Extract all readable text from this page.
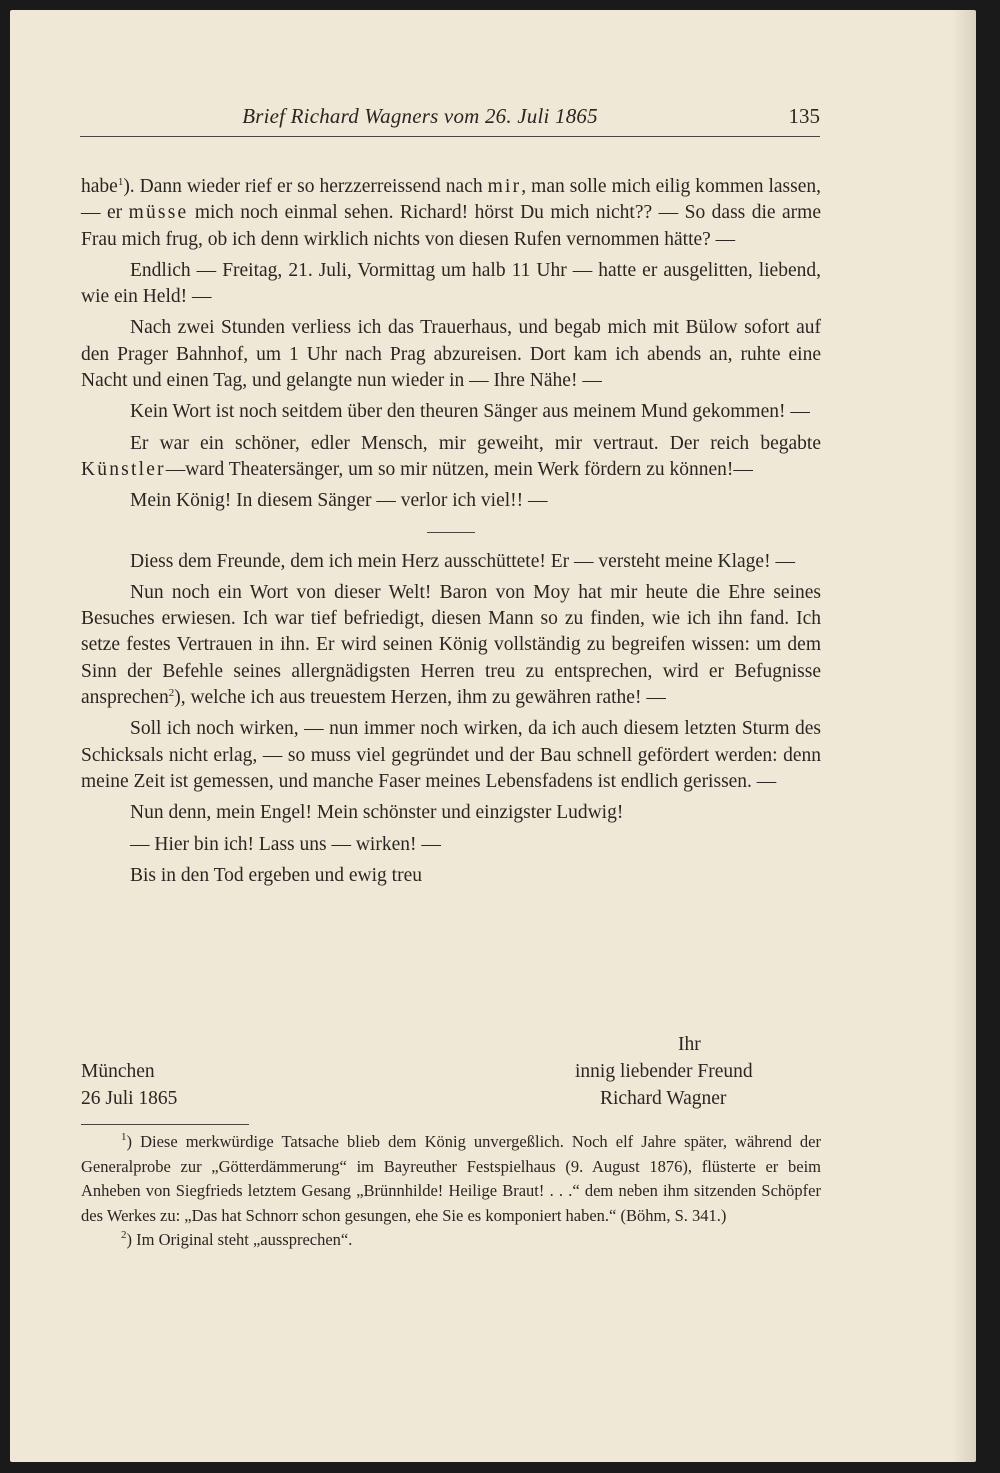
Brief Richard Wagners vom 26. Juli 1865	135

habe$^1$). Dann wieder rief er so herzzerreissend nach mir, man solle mich eilig kommen lassen, — er müsse mich noch einmal sehen. Richard! hörst Du mich nicht?? — So dass die arme Frau mich frug, ob ich denn wirklich nichts von diesen Rufen vernommen hätte? —

Endlich — Freitag, 21. Juli, Vormittag um halb 11 Uhr — hatte er ausgelitten, liebend, wie ein Held! —

Nach zwei Stunden verliess ich das Trauerhaus, und begab mich mit Bülow sofort auf den Prager Bahnhof, um 1 Uhr nach Prag abzureisen. Dort kam ich abends an, ruhte eine Nacht und einen Tag, und gelangte nun wieder in — Ihre Nähe! —

Kein Wort ist noch seitdem über den theuren Sänger aus meinem Mund gekommen! —

Er war ein schöner, edler Mensch, mir geweiht, mir vertraut. Der reich begabte Künstler—ward Theatersänger, um so mir nützen, mein Werk fördern zu können!—

Mein König! In diesem Sänger — verlor ich viel!! —

Diess dem Freunde, dem ich mein Herz ausschüttete! Er — versteht meine Klage! —

Nun noch ein Wort von dieser Welt! Baron von Moy hat mir heute die Ehre seines Besuches erwiesen. Ich war tief befriedigt, diesen Mann so zu finden, wie ich ihn fand. Ich setze festes Vertrauen in ihn. Er wird seinen König vollständig zu begreifen wissen: um dem Sinn der Befehle seines allergnädigsten Herren treu zu entsprechen, wird er Befugnisse ansprechen$^2$), welche ich aus treuestem Herzen, ihm zu gewähren rathe! —

Soll ich noch wirken, — nun immer noch wirken, da ich auch diesem letzten Sturm des Schicksals nicht erlag, — so muss viel gegründet und der Bau schnell gefördert werden: denn meine Zeit ist gemessen, und manche Faser meines Lebensfadens ist endlich gerissen. —

Nun denn, mein Engel! Mein schönster und einzigster Ludwig!

— Hier bin ich! Lass uns — wirken! —

Bis in den Tod ergeben und ewig treu

Ihr
München	innig liebender Freund
26 Juli 1865	Richard Wagner

$^1$) Diese merkwürdige Tatsache blieb dem König unvergeßlich. Noch elf Jahre später, während der Generalprobe zur „Götterdämmerung“ im Bayreuther Festspielhaus (9. August 1876), flüsterte er beim Anheben von Siegfrieds letztem Gesang „Brünnhilde! Heilige Braut! . . .“ dem neben ihm sitzenden Schöpfer des Werkes zu: „Das hat Schnorr schon gesungen, ehe Sie es komponiert haben.“ (Böhm, S. 341.)

$^2$) Im Original steht „aussprechen“.
